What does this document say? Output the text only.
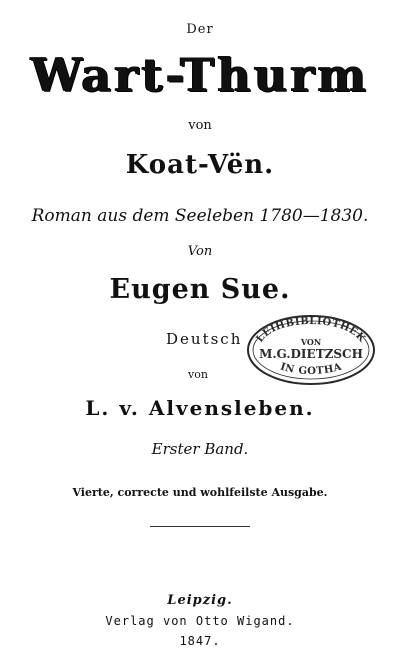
Der
Wart-Thurm
von
Koat-Vën.
Roman aus dem Seeleben 1780—1830.
Von
Eugen Sue.
Deutsch
von
L. v. Alvensleben.
Erster Band.
Vierte, correcte und wohlfeilste Ausgabe.
Leipzig.
Verlag von Otto Wigand.
1847.
LEIHBIBLIOTHEK
VON
M.G.DIETZSCH
IN GOTHA
